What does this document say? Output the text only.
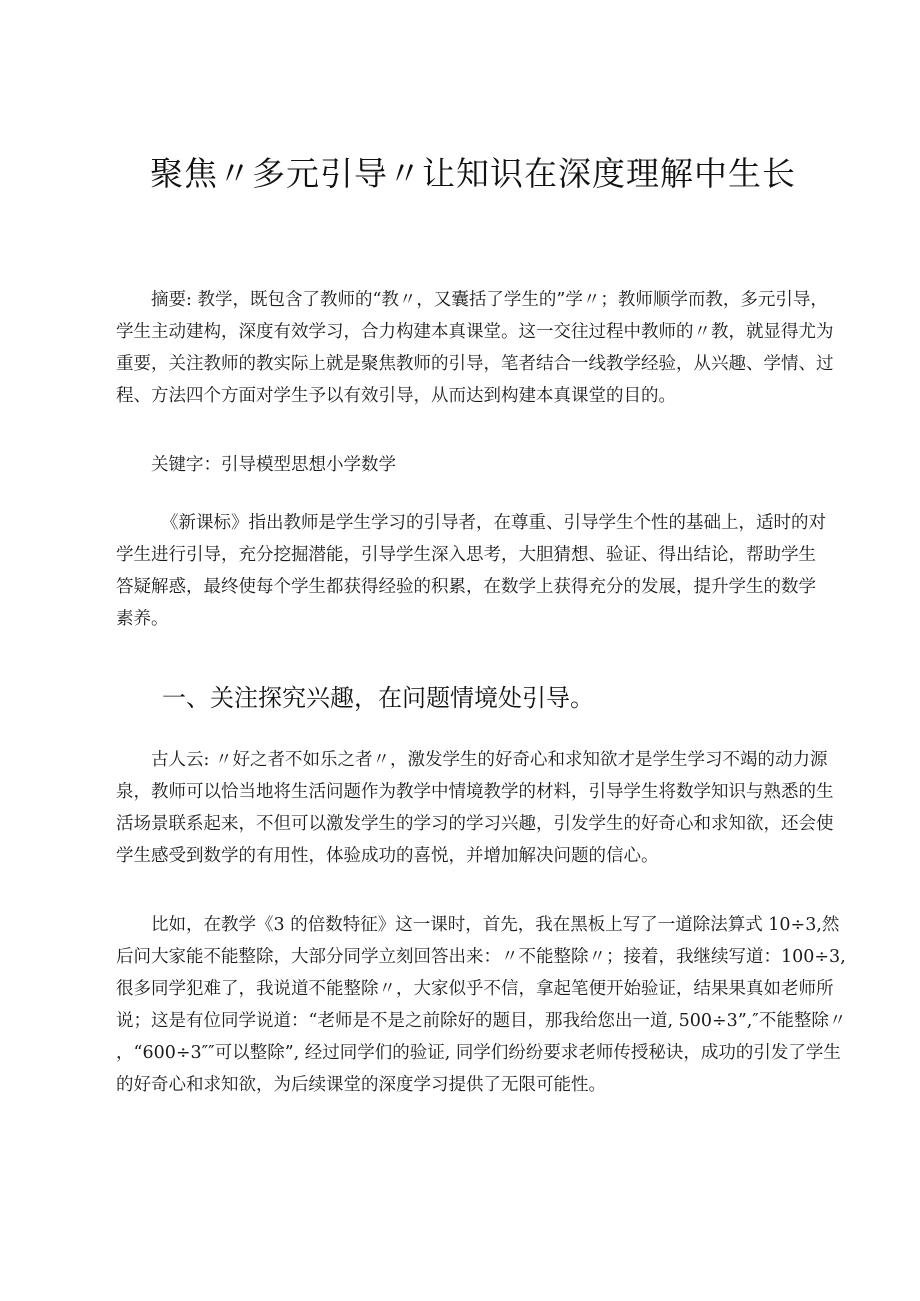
聚焦〃多元引导〃让知识在深度理解中生长
摘要: 教学，既包含了教师的“教〃，又囊括了学生的”学〃；教师顺学而教，多元引导，
学生主动建构，深度有效学习，合力构建本真课堂。这一交往过程中教师的〃教，就显得尤为
重要，关注教师的教实际上就是聚焦教师的引导，笔者结合一线教学经验，从兴趣、学情、过
程、方法四个方面对学生予以有效引导，从而达到构建本真课堂的目的。
关键字：引导模型思想小学数学
《新课标》指出教师是学生学习的引导者，在尊重、引导学生个性的基础上，适时的对
学生进行引导，充分挖掘潜能，引导学生深入思考，大胆猜想、验证、得出结论，帮助学生
答疑解惑，最终使每个学生都获得经验的积累，在数学上获得充分的发展，提升学生的数学
素养。
一、关注探究兴趣，在问题情境处引导。
古人云: 〃好之者不如乐之者〃，激发学生的好奇心和求知欲才是学生学习不竭的动力源
泉，教师可以恰当地将生活问题作为教学中情境教学的材料，引导学生将数学知识与熟悉的生
活场景联系起来，不但可以激发学生的学习的学习兴趣，引发学生的好奇心和求知欲，还会使
学生感受到数学的有用性，体验成功的喜悦，并增加解决问题的信心。
比如，在教学《3 的倍数特征》这一课时，首先，我在黑板上写了一道除法算式 10÷3,然
后问大家能不能整除，大部分同学立刻回答出来：〃不能整除〃；接着，我继续写道：100÷3,
很多同学犯难了，我说道不能整除〃，大家似乎不信，拿起笔便开始验证，结果果真如老师所
说；这是有位同学说道：“老师是不是之前除好的题目，那我给您出一道, 500÷3”,″不能整除〃
，“600÷3″″可以整除”, 经过同学们的验证, 同学们纷纷要求老师传授秘诀，成功的引发了学生
的好奇心和求知欲，为后续课堂的深度学习提供了无限可能性。
